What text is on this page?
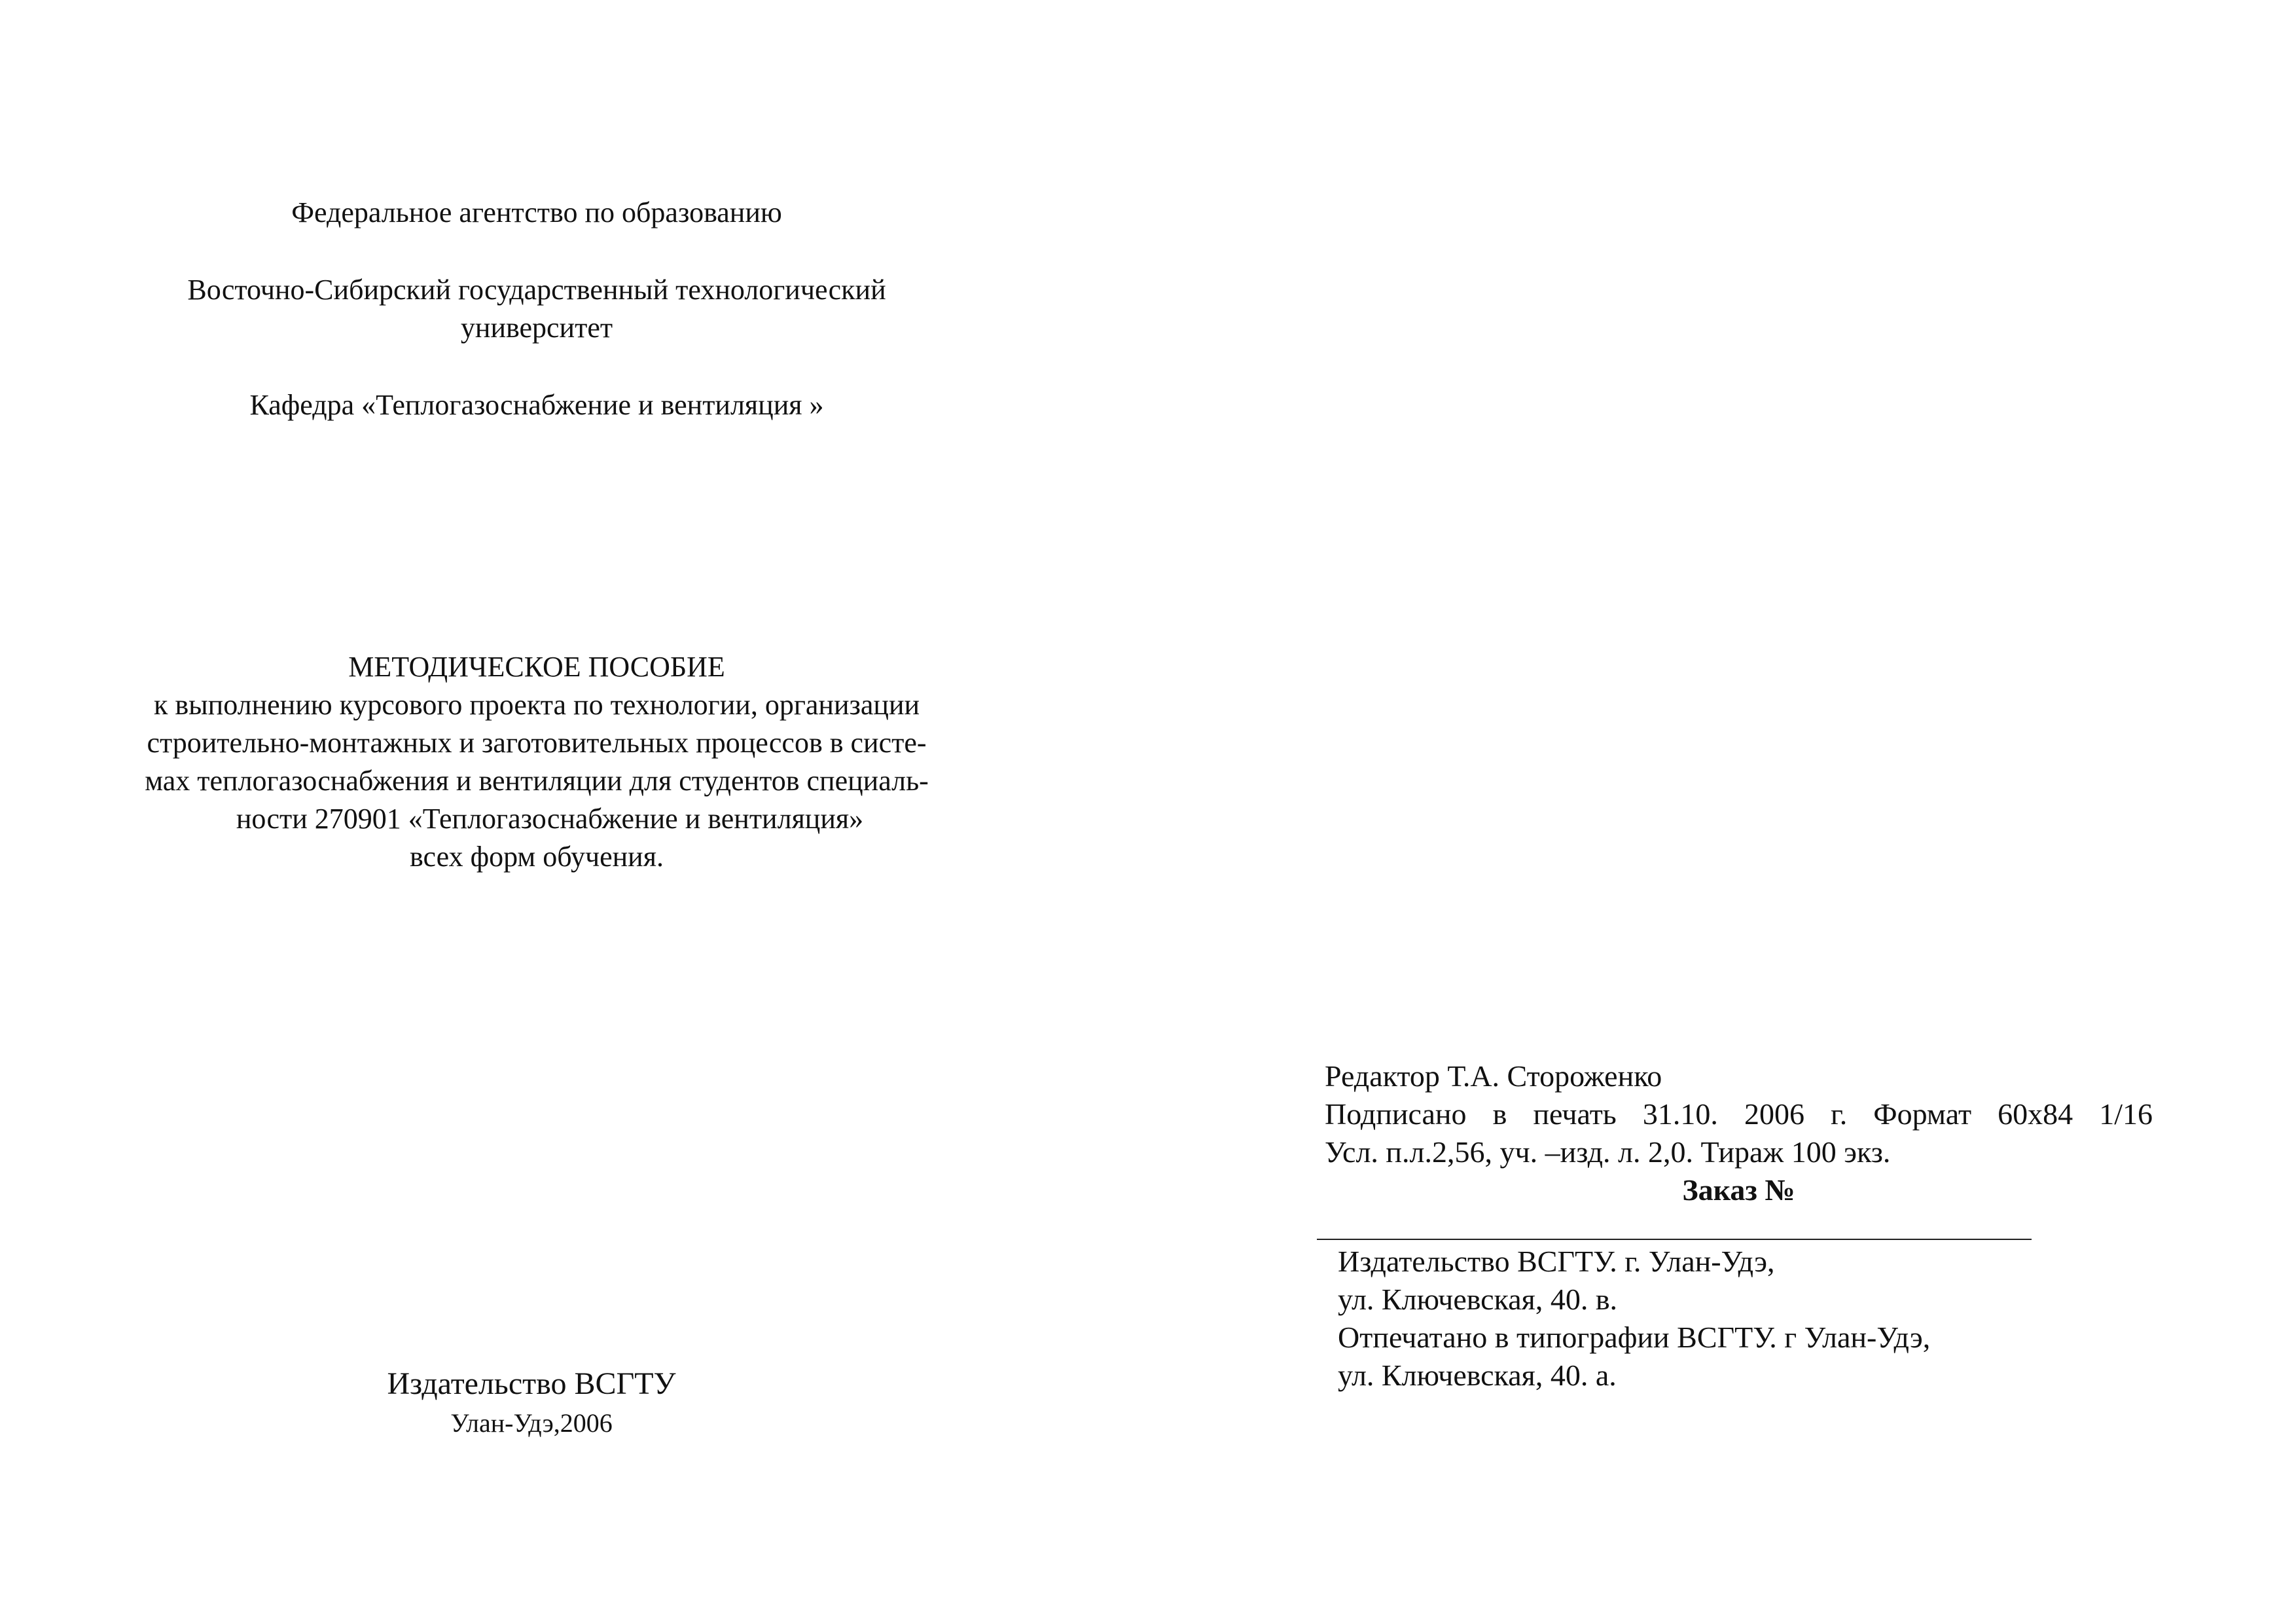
Федеральное агентство по образованию
Восточно-Сибирский государственный технологический
университет
Кафедра «Теплогазоснабжение и вентиляция »
МЕТОДИЧЕСКОЕ ПОСОБИЕ
к выполнению курсового проекта по технологии, организации
строительно-монтажных и заготовительных процессов в систе-
мах теплогазоснабжения и вентиляции для студентов специаль-
ности 270901 «Теплогазоснабжение и вентиляция»
всех форм обучения.
Издательство ВСГТУ
Улан-Удэ,2006
Редактор Т.А. Стороженко
Подписано в печать 31.10. 2006 г. Формат 60х84 1/16
Усл. п.л.2,56, уч. –изд. л. 2,0. Тираж 100 экз.
Заказ №
Издательство ВСГТУ. г. Улан-Удэ,
ул. Ключевская, 40. в.
Отпечатано в типографии ВСГТУ. г Улан-Удэ,
ул. Ключевская, 40. а.
